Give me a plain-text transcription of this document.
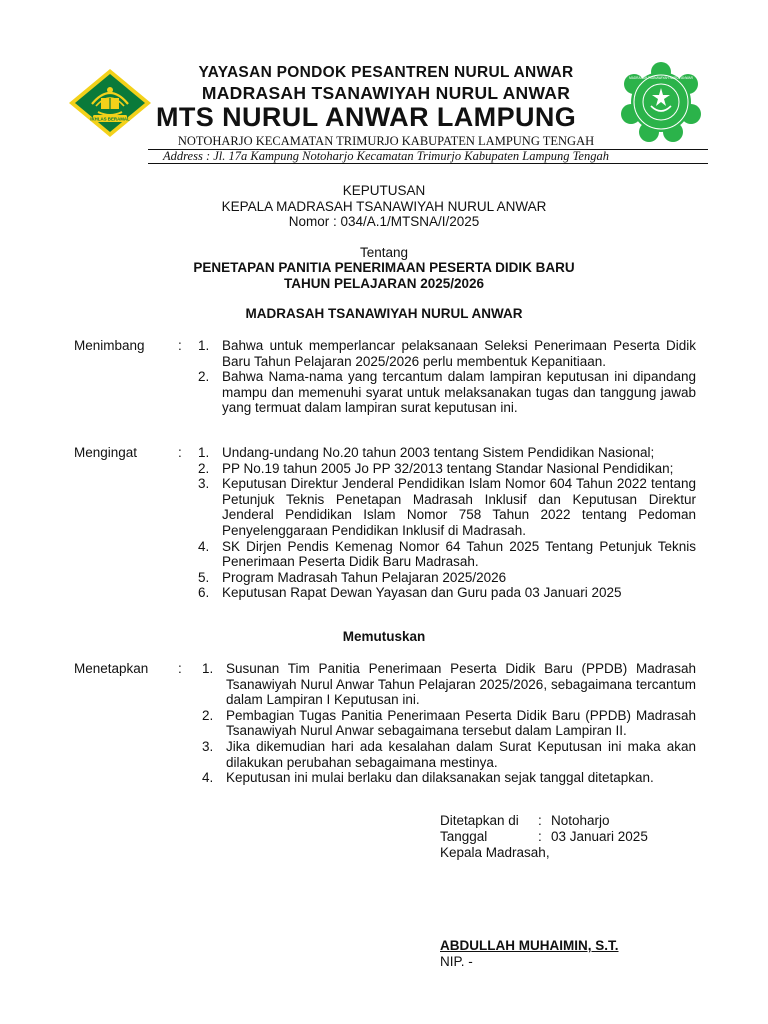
IKHLAS BERAMAL
YAYASAN PONDOK PESANTREN NURUL ANWAR
MADRASAH TSANAWIYAH NURUL ANWAR
MTS NURUL ANWAR LAMPUNG
MADRASAH TSANAWIYAH NURUL ANWAR
NOTOHARJO KECAMATAN TRIMURJO KABUPATEN LAMPUNG TENGAH
Address : Jl. 17a Kampung Notoharjo Kecamatan Trimurjo Kabupaten Lampung Tengah
KEPUTUSAN
KEPALA MADRASAH TSANAWIYAH NURUL ANWAR
Nomor : 034/A.1/MTSNA/I/2025
Tentang
PENETAPAN PANITIA PENERIMAAN PESERTA DIDIK BARU
TAHUN PELAJARAN 2025/2026
MADRASAH TSANAWIYAH NURUL ANWAR
Menimbang : 1. Bahwa untuk memperlancar pelaksanaan Seleksi Penerimaan Peserta Didik Baru Tahun Pelajaran 2025/2026 perlu membentuk Kepanitiaan.
2. Bahwa Nama-nama yang tercantum dalam lampiran keputusan ini dipandang mampu dan memenuhi syarat untuk melaksanakan tugas dan tanggung jawab yang termuat dalam lampiran surat keputusan ini.
Mengingat	: 1. Undang-undang No.20 tahun 2003 tentang Sistem Pendidikan Nasional;
2. PP No.19 tahun 2005 Jo PP 32/2013 tentang Standar Nasional Pendidikan;
3. Keputusan Direktur Jenderal Pendidikan Islam Nomor 604 Tahun 2022 tentang Petunjuk Teknis Penetapan Madrasah Inklusif dan Keputusan Direktur Jenderal Pendidikan Islam Nomor 758 Tahun 2022 tentang Pedoman Penyelenggaraan Pendidikan Inklusif di Madrasah.
4. SK Dirjen Pendis Kemenag Nomor 64 Tahun 2025 Tentang Petunjuk Teknis Penerimaan Peserta Didik Baru Madrasah.
5. Program Madrasah Tahun Pelajaran 2025/2026
6. Keputusan Rapat Dewan Yayasan dan Guru pada 03 Januari 2025
Memutuskan
Menetapkan : 1. Susunan Tim Panitia Penerimaan Peserta Didik Baru (PPDB) Madrasah Tsanawiyah Nurul Anwar Tahun Pelajaran 2025/2026, sebagaimana tercantum dalam Lampiran I Keputusan ini.
2. Pembagian Tugas Panitia Penerimaan Peserta Didik Baru (PPDB) Madrasah Tsanawiyah Nurul Anwar sebagaimana tersebut dalam Lampiran II.
3. Jika dikemudian hari ada kesalahan dalam Surat Keputusan ini maka akan dilakukan perubahan sebagaimana mestinya.
4. Keputusan ini mulai berlaku dan dilaksanakan sejak tanggal ditetapkan.
Ditetapkan di : Notoharjo
Tanggal	: 03 Januari 2025
Kepala Madrasah,
ABDULLAH MUHAIMIN, S.T.
NIP. -
